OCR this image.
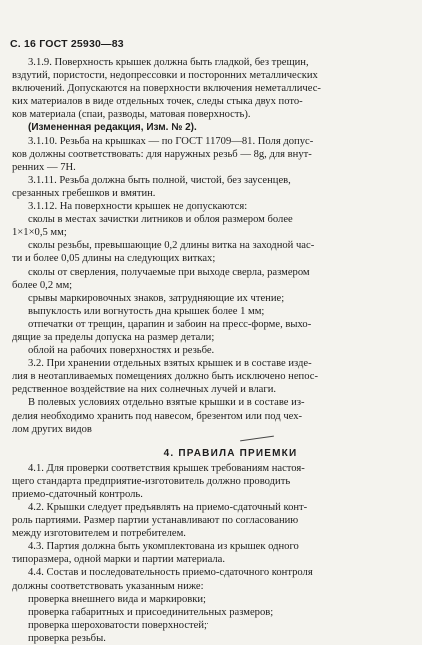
С. 16 ГОСТ 25930—83
3.1.9. Поверхность крышек должна быть гладкой, без трещин,
вздутий, пористости, недопрессовки и посторонних металлических
включений. Допускаются на поверхности включения неметалличес-
ких материалов в виде отдельных точек, следы стыка двух пото-
ков материала (спаи, разводы, матовая поверхность).
(Измененная редакция, Изм. № 2).
3.1.10. Резьба на крышках — по ГОСТ 11709—81. Поля допус-
ков должны соответствовать: для наружных резьб — 8g, для внут-
ренних — 7H.
3.1.11. Резьба должна быть полной, чистой, без заусенцев,
срезанных гребешков и вмятин.
3.1.12. На поверхности крышек не допускаются:
сколы в местах зачистки литников и облоя размером более
1×1×0,5 мм;
сколы резьбы, превышающие 0,2 длины витка на заходной час-
ти и более 0,05 длины на следующих витках;
сколы от сверления, получаемые при выходе сверла, размером
более 0,2 мм;
срывы маркировочных знаков, затрудняющие их чтение;
выпуклость или вогнутость дна крышек более 1 мм;
отпечатки от трещин, царапин и забоин на пресс-форме, выхо-
дящие за пределы допуска на размер детали;
облой на рабочих поверхностях и резьбе.
3.2. При хранении отдельных взятых крышек и в составе изде-
лия в неотапливаемых помещениях должно быть исключено непос-
редственное воздействие на них солнечных лучей и влаги.
В полевых условиях отдельно взятые крышки и в составе из-
делия необходимо хранить под навесом, брезентом или под чех-
лом других видов
4. ПРАВИЛА ПРИЕМКИ
4.1. Для проверки соответствия крышек требованиям настоя-
щего стандарта предприятие-изготовитель должно проводить
приемо-сдаточный контроль.
4.2. Крышки следует предъявлять на приемо-сдаточный конт-
роль партиями. Размер партии устанавливают по согласованию
между изготовителем и потребителем.
4.3. Партия должна быть укомплектована из крышек одного
типоразмера, одной марки и партии материала.
4.4. Состав и последовательность приемо-сдаточного контроля
должны соответствовать указанным ниже:
проверка внешнего вида и маркировки;
проверка габаритных и присоединительных размеров;
проверка шероховатости поверхностей;
проверка резьбы.
·
